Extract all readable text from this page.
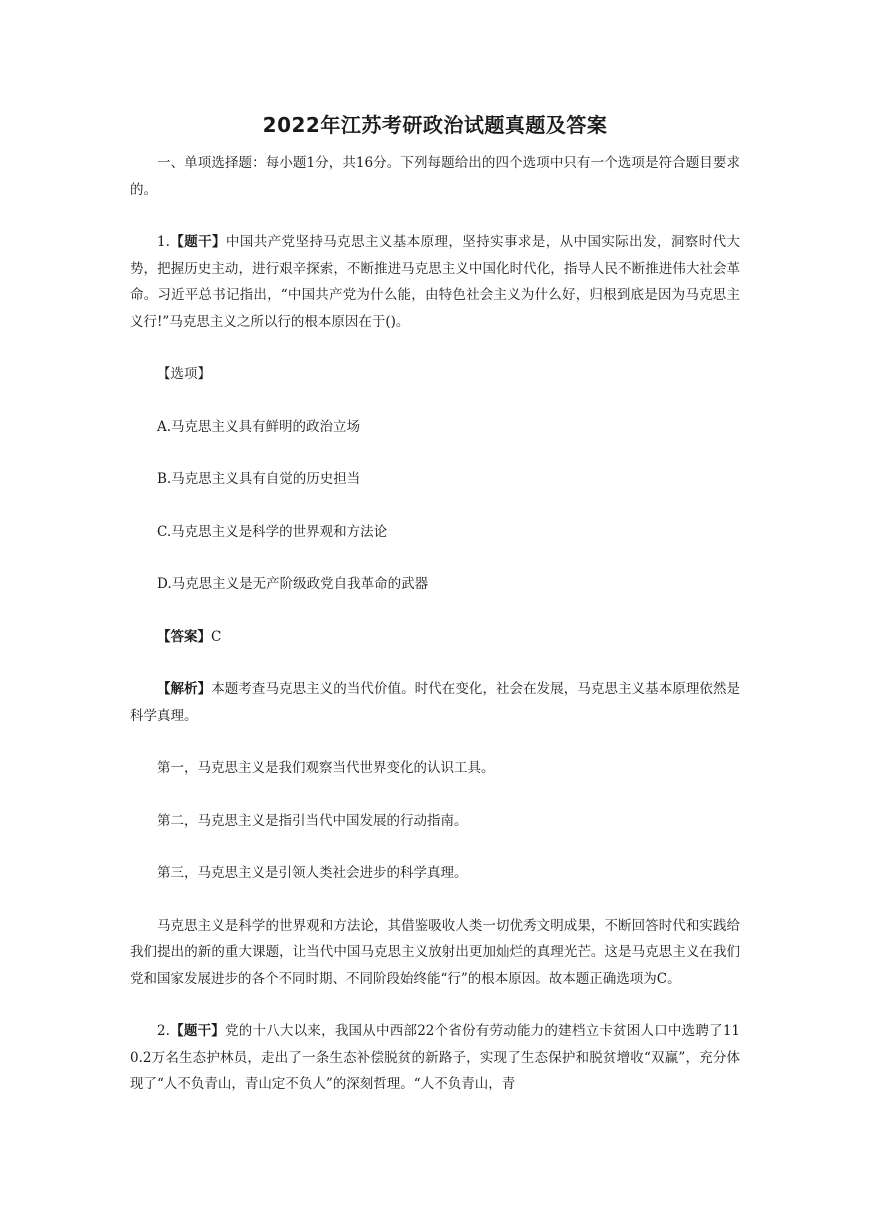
2022年江苏考研政治试题真题及答案

一、单项选择题：每小题1分，共16分。下列每题给出的四个选项中只有一个选项是符合题目要求的。

1.【题干】中国共产党坚持马克思主义基本原理，坚持实事求是，从中国实际出发，洞察时代大势，把握历史主动，进行艰辛探索，不断推进马克思主义中国化时代化，指导人民不断推进伟大社会革命。习近平总书记指出，“中国共产党为什么能，由特色社会主义为什么好，归根到底是因为马克思主义行!”马克思主义之所以行的根本原因在于()。

【选项】

A.马克思主义具有鲜明的政治立场

B.马克思主义具有自觉的历史担当

C.马克思主义是科学的世界观和方法论

D.马克思主义是无产阶级政党自我革命的武器

【答案】C

【解析】本题考查马克思主义的当代价值。时代在变化，社会在发展，马克思主义基本原理依然是科学真理。

第一，马克思主义是我们观察当代世界变化的认识工具。

第二，马克思主义是指引当代中国发展的行动指南。

第三，马克思主义是引领人类社会进步的科学真理。

马克思主义是科学的世界观和方法论，其借鉴吸收人类一切优秀文明成果，不断回答时代和实践给我们提出的新的重大课题，让当代中国马克思主义放射出更加灿烂的真理光芒。这是马克思主义在我们党和国家发展进步的各个不同时期、不同阶段始终能“行”的根本原因。故本题正确选项为C。

2.【题干】党的十八大以来，我国从中西部22个省份有劳动能力的建档立卡贫困人口中选聘了110.2万名生态护林员，走出了一条生态补偿脱贫的新路子，实现了生态保护和脱贫增收“双赢”，充分体现了“人不负青山，青山定不负人”的深刻哲理。“人不负青山，青
